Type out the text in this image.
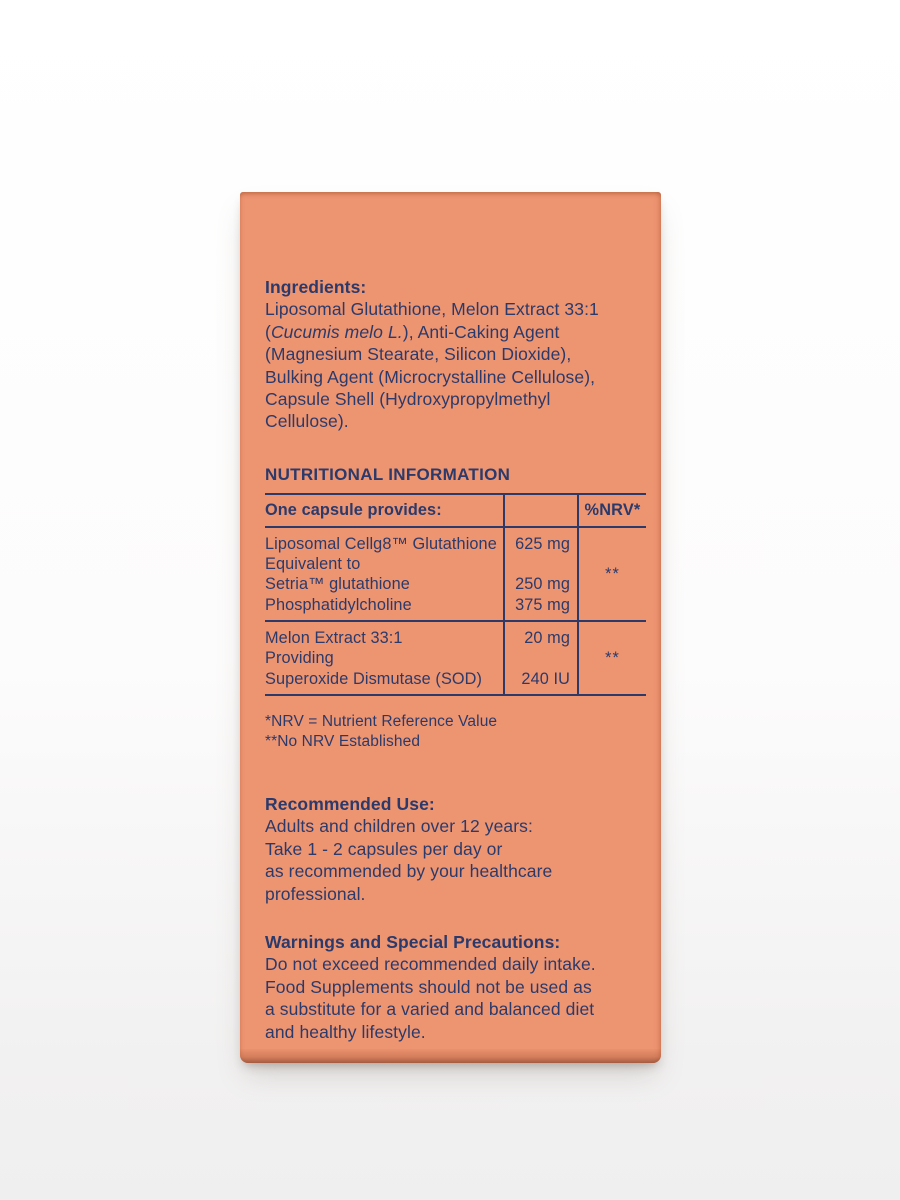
Ingredients:
Liposomal Glutathione, Melon Extract 33:1
(Cucumis melo L.), Anti-Caking Agent
(Magnesium Stearate, Silicon Dioxide),
Bulking Agent (Microcrystalline Cellulose),
Capsule Shell (Hydroxypropylmethyl
Cellulose).
NUTRITIONAL INFORMATION
One capsule provides:	%NRV*
Liposomal Cellg8™ Glutathione
Equivalent to
Setria™ glutathione
Phosphatidylcholine
625 mg
250 mg
375 mg
**
Melon Extract 33:1
Providing
Superoxide Dismutase (SOD)
20 mg
240 IU
**
*NRV = Nutrient Reference Value
**No NRV Established
Recommended Use:
Adults and children over 12 years:
Take 1 - 2 capsules per day or
as recommended by your healthcare
professional.
Warnings and Special Precautions:
Do not exceed recommended daily intake.
Food Supplements should not be used as
a substitute for a varied and balanced diet
and healthy lifestyle.
